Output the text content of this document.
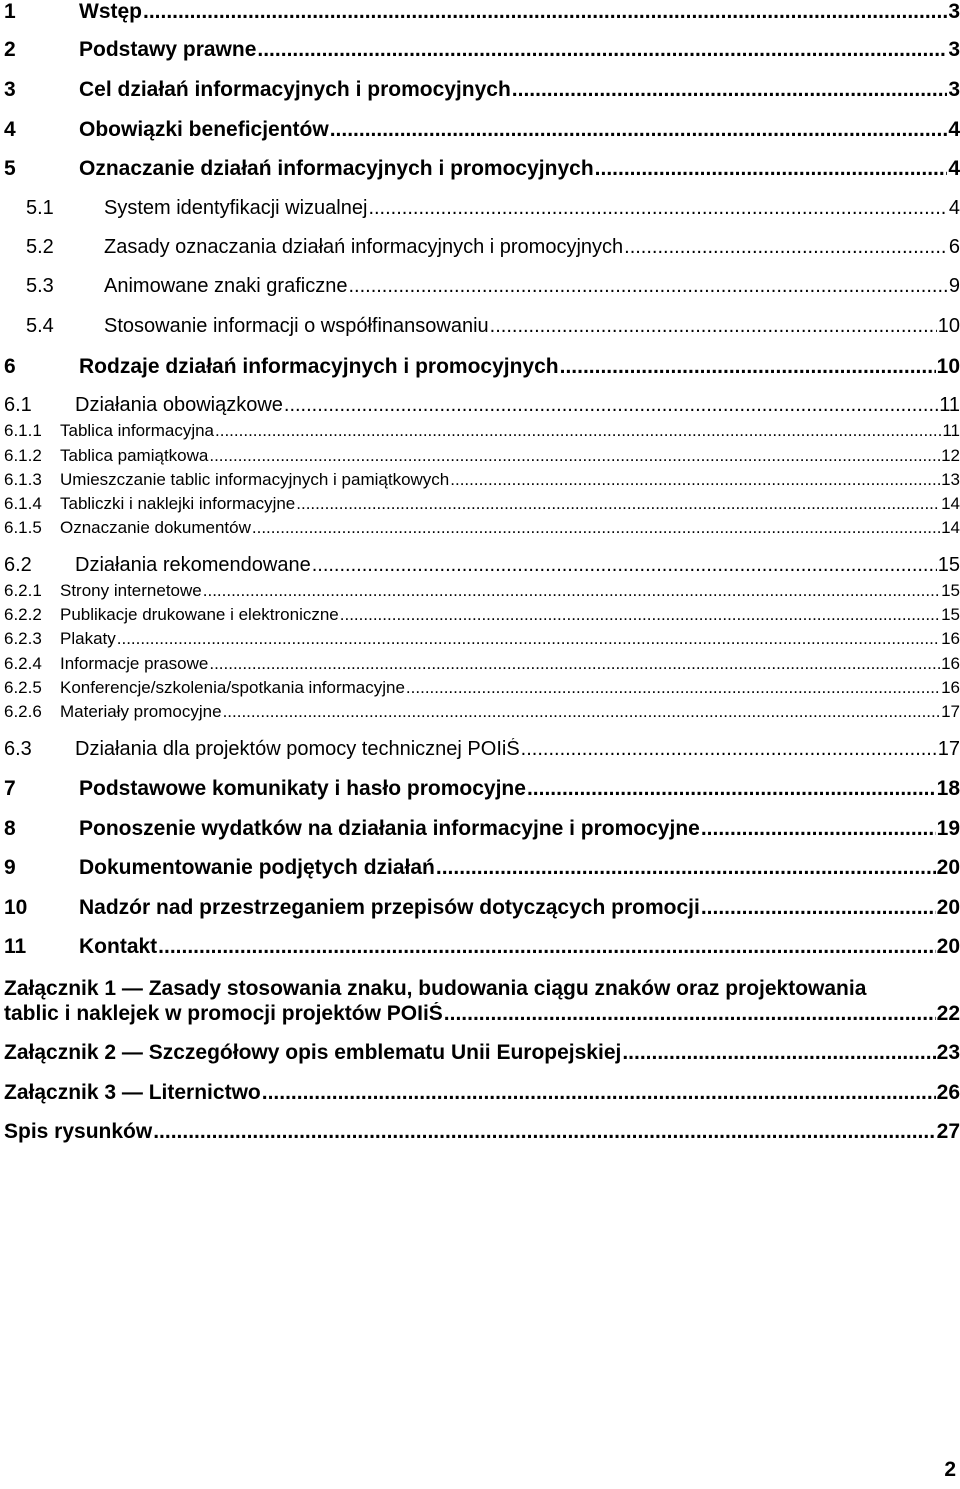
1	Wstęp .....	3
2	Podstawy prawne .....	3
3	Cel działań informacyjnych i promocyjnych .....	3
4	Obowiązki beneficjentów .....	4
5	Oznaczanie działań informacyjnych i promocyjnych .....	4
5.1	System identyfikacji wizualnej .....	4
5.2	Zasady oznaczania działań informacyjnych i promocyjnych .....	6
5.3	Animowane znaki graficzne .....	9
5.4	Stosowanie informacji o współfinansowaniu .....	10
6	Rodzaje działań informacyjnych i promocyjnych .....	10
6.1	Działania obowiązkowe .....	11
6.1.1	Tablica informacyjna .....	11
6.1.2	Tablica pamiątkowa .....	12
6.1.3	Umieszczanie tablic informacyjnych i pamiątkowych .....	13
6.1.4	Tabliczki i naklejki informacyjne .....	14
6.1.5	Oznaczanie dokumentów .....	14
6.2	Działania rekomendowane .....	15
6.2.1	Strony internetowe .....	15
6.2.2	Publikacje drukowane i elektroniczne .....	15
6.2.3	Plakaty .....	16
6.2.4	Informacje prasowe .....	16
6.2.5	Konferencje/szkolenia/spotkania informacyjne .....	16
6.2.6	Materiały promocyjne .....	17
6.3	Działania dla projektów pomocy technicznej POIiŚ .....	17
7	Podstawowe komunikaty i hasło promocyjne .....	18
8	Ponoszenie wydatków na działania informacyjne i promocyjne .....	19
9	Dokumentowanie podjętych działań .....	20
10	Nadzór nad przestrzeganiem przepisów dotyczących promocji .....	20
11	Kontakt .....	20
Załącznik 1 — Zasady stosowania znaku, budowania ciągu znaków oraz projektowania
tablic i naklejek w promocji projektów POIiŚ .....	22
Załącznik 2 — Szczegółowy opis emblematu Unii Europejskiej .....	23
Załącznik 3 — Liternictwo .....	26
Spis rysunków .....	27
2
